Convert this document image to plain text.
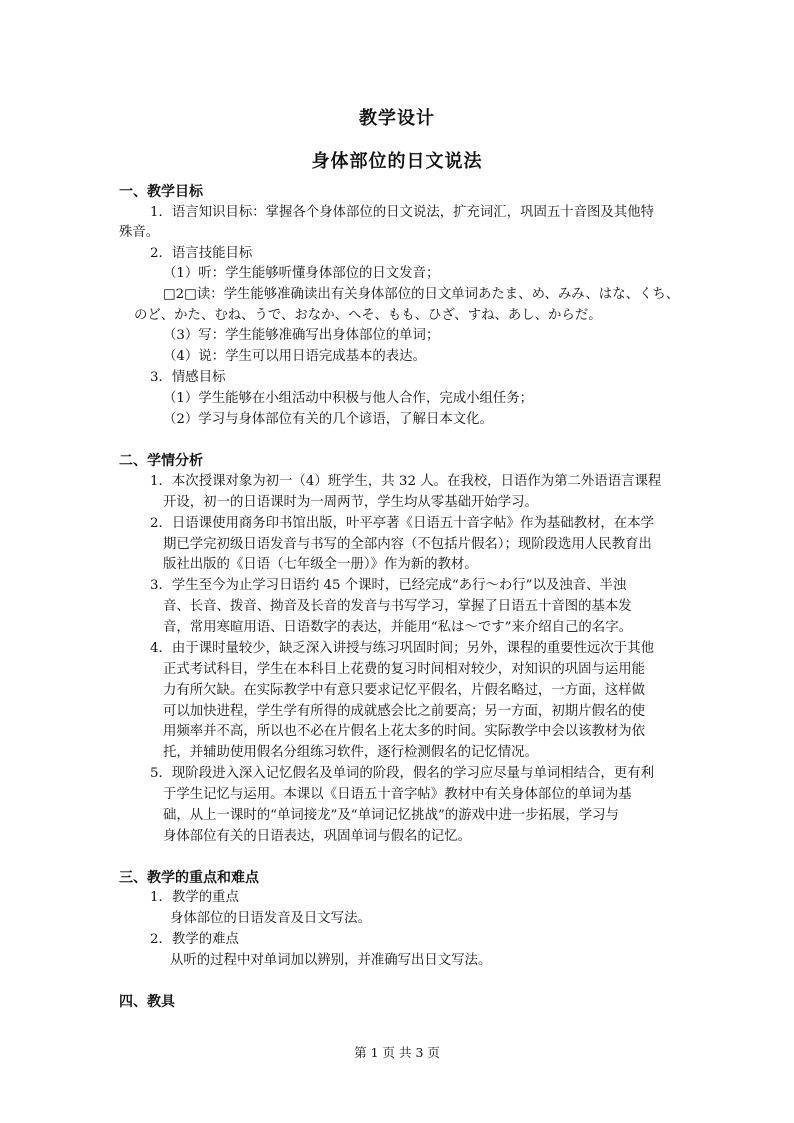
教学设计
身体部位的日文说法
一、教学目标
1．语言知识目标：掌握各个身体部位的日文说法，扩充词汇，巩固五十音图及其他特
殊音。
2．语言技能目标
（1）听：学生能够听懂身体部位的日文发音；
□2□读：学生能够准确读出有关身体部位的日文单词あたま、め、みみ、はな、くち、
のど、かた、むね、うで、おなか、へそ、もも、ひざ、すね、あし、からだ。
（3）写：学生能够准确写出身体部位的单词；
（4）说：学生可以用日语完成基本的表达。
3．情感目标
（1）学生能够在小组活动中积极与他人合作，完成小组任务；
（2）学习与身体部位有关的几个谚语，了解日本文化。
二、学情分析
1．本次授课对象为初一（4）班学生，共 32 人。在我校，日语作为第二外语语言课程
开设，初一的日语课时为一周两节，学生均从零基础开始学习。
2．日语课使用商务印书馆出版，叶平亭著《日语五十音字帖》作为基础教材，在本学
期已学完初级日语发音与书写的全部内容（不包括片假名）；现阶段选用人民教育出
版社出版的《日语（七年级全一册）》作为新的教材。
3．学生至今为止学习日语约 45 个课时，已经完成“あ行～わ行”以及浊音、半浊
音、长音、拨音、拗音及长音的发音与书写学习，掌握了日语五十音图的基本发
音，常用寒暄用语、日语数字的表达，并能用“私は～です”来介绍自己的名字。
4．由于课时量较少，缺乏深入讲授与练习巩固时间；另外，课程的重要性远次于其他
正式考试科目，学生在本科目上花费的复习时间相对较少，对知识的巩固与运用能
力有所欠缺。在实际教学中有意只要求记忆平假名，片假名略过，一方面，这样做
可以加快进程，学生学有所得的成就感会比之前要高；另一方面，初期片假名的使
用频率并不高，所以也不必在片假名上花太多的时间。实际教学中会以该教材为依
托，并辅助使用假名分组练习软件，逐行检测假名的记忆情况。
5．现阶段进入深入记忆假名及单词的阶段，假名的学习应尽量与单词相结合，更有利
于学生记忆与运用。本课以《日语五十音字帖》教材中有关身体部位的单词为基
础，从上一课时的“单词接龙”及“单词记忆挑战”的游戏中进一步拓展，学习与
身体部位有关的日语表达，巩固单词与假名的记忆。
三、教学的重点和难点
1．教学的重点
身体部位的日语发音及日文写法。
2．教学的难点
从听的过程中对单词加以辨别，并准确写出日文写法。
四、教具
第 1 页 共 3 页
